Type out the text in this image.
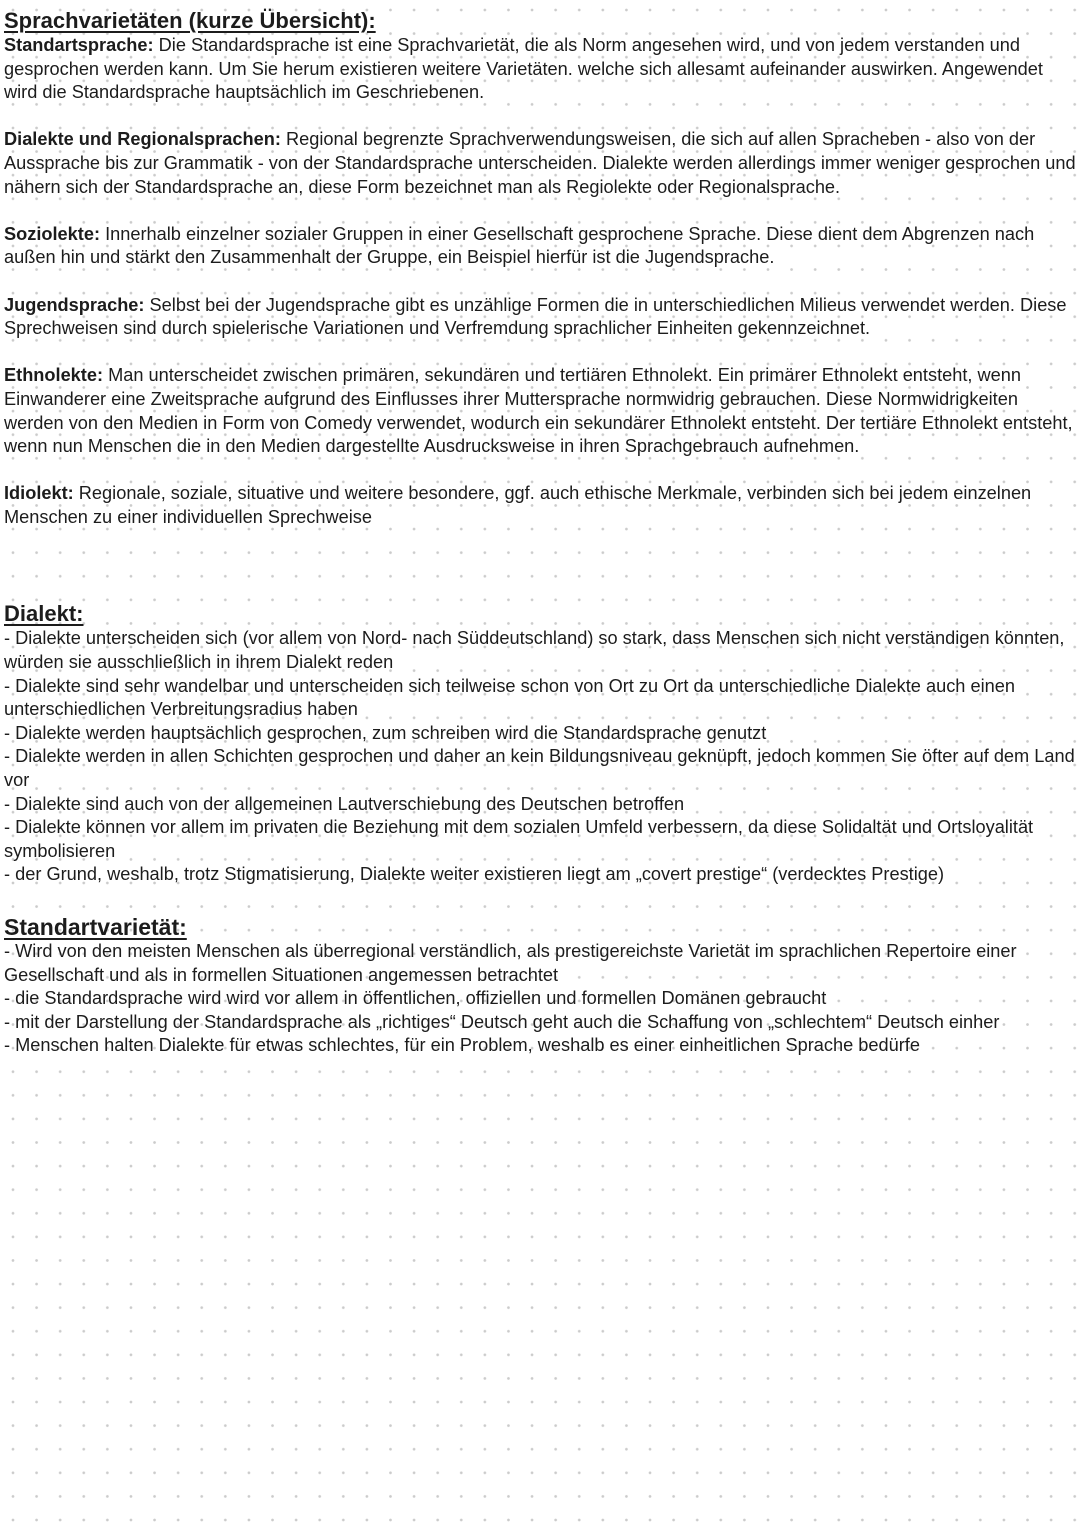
Sprachvarietäten (kurze Übersicht):

Standartsprache: Die Standardsprache ist eine Sprachvarietät, die als Norm angesehen wird, und von jedem verstanden und gesprochen werden kann. Um Sie herum existieren weitere Varietäten. welche sich allesamt aufeinander auswirken. Angewendet wird die Standardsprache hauptsächlich im Geschriebenen.

Dialekte und Regionalsprachen: Regional begrenzte Sprachverwendungsweisen, die sich auf allen Spracheben - also von der Aussprache bis zur Grammatik - von der Standardsprache unterscheiden. Dialekte werden allerdings immer weniger gesprochen und nähern sich der Standardsprache an, diese Form bezeichnet man als Regiolekte oder Regionalsprache.

Soziolekte: Innerhalb einzelner sozialer Gruppen in einer Gesellschaft gesprochene Sprache. Diese dient dem Abgrenzen nach außen hin und stärkt den Zusammenhalt der Gruppe, ein Beispiel hierfür ist die Jugendsprache.

Jugendsprache: Selbst bei der Jugendsprache gibt es unzählige Formen die in unterschiedlichen Milieus verwendet werden. Diese Sprechweisen sind durch spielerische Variationen und Verfremdung sprachlicher Einheiten gekennzeichnet.

Ethnolekte: Man unterscheidet zwischen primären, sekundären und tertiären Ethnolekt. Ein primärer Ethnolekt entsteht, wenn Einwanderer eine Zweitsprache aufgrund des Einflusses ihrer Muttersprache normwidrig gebrauchen. Diese Normwidrigkeiten werden von den Medien in Form von Comedy verwendet, wodurch ein sekundärer Ethnolekt entsteht. Der tertiäre Ethnolekt entsteht, wenn nun Menschen die in den Medien dargestellte Ausdrucksweise in ihren Sprachgebrauch aufnehmen.

Idiolekt: Regionale, soziale, situative und weitere besondere, ggf. auch ethische Merkmale, verbinden sich bei jedem einzelnen Menschen zu einer individuellen Sprechweise

Dialekt:

- Dialekte unterscheiden sich (vor allem von Nord- nach Süddeutschland) so stark, dass Menschen sich nicht verständigen könnten, würden sie ausschließlich in ihrem Dialekt reden

- Dialekte sind sehr wandelbar und unterscheiden sich teilweise schon von Ort zu Ort da unterschiedliche Dialekte auch einen unterschiedlichen Verbreitungsradius haben

- Dialekte werden hauptsächlich gesprochen, zum schreiben wird die Standardsprache genutzt

- Dialekte werden in allen Schichten gesprochen und daher an kein Bildungsniveau geknüpft, jedoch kommen Sie öfter auf dem Land vor

- Dialekte sind auch von der allgemeinen Lautverschiebung des Deutschen betroffen

- Dialekte können vor allem im privaten die Beziehung mit dem sozialen Umfeld verbessern, da diese Solidaltät und Ortsloyalität symbolisieren

- der Grund, weshalb, trotz Stigmatisierung, Dialekte weiter existieren liegt am „covert prestige“ (verdecktes Prestige)

Standartvarietät:

- Wird von den meisten Menschen als überregional verständlich, als prestigereichste Varietät im sprachlichen Repertoire einer Gesellschaft und als in formellen Situationen angemessen betrachtet

- die Standardsprache wird wird vor allem in öffentlichen, offiziellen und formellen Domänen gebraucht

- mit der Darstellung der Standardsprache als „richtiges“ Deutsch geht auch die Schaffung von „schlechtem“ Deutsch einher

- Menschen halten Dialekte für etwas schlechtes, für ein Problem, weshalb es einer einheitlichen Sprache bedürfe
